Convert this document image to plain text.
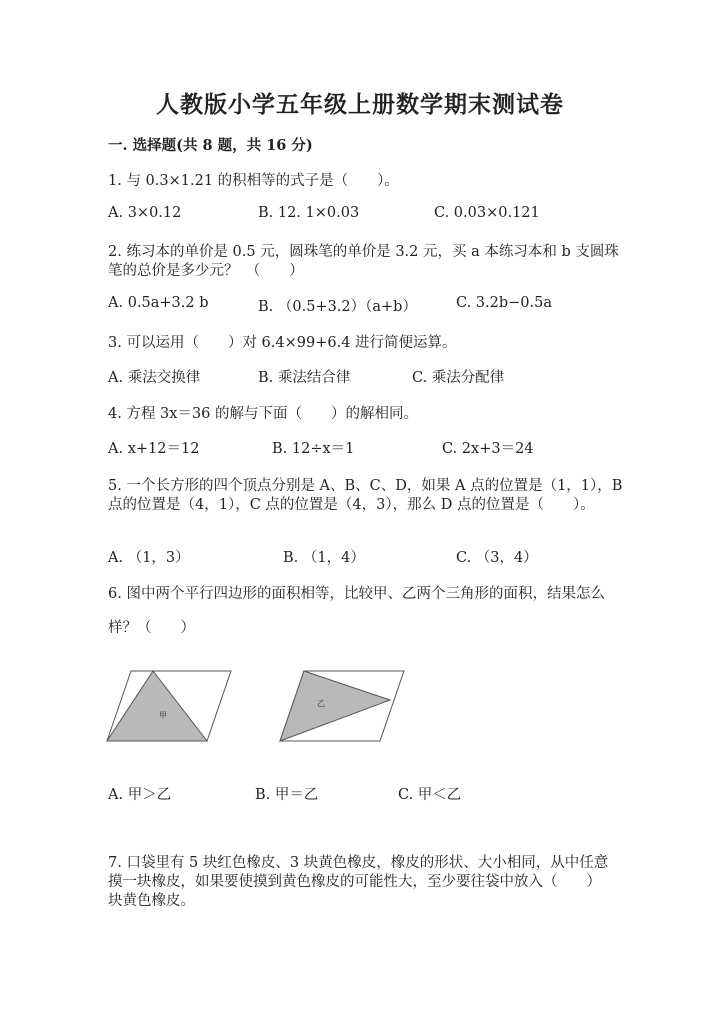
人教版小学五年级上册数学期末测试卷
一. 选择题(共 8 题，共 16 分)
1. 与 0.3×1.21 的积相等的式子是（　　）。
A. 3×0.12	B. 12. 1×0.03	C. 0.03×0.121
2. 练习本的单价是 0.5 元，圆珠笔的单价是 3.2 元，买 a 本练习本和 b 支圆珠
笔的总价是多少元？　（　　）
A. 0.5a+3.2 b	B. （0.5+3.2）（a+b）	C. 3.2b−0.5a
3. 可以运用（　　）对 6.4×99+6.4 进行简便运算。
A. 乘法交换律	B. 乘法结合律	C. 乘法分配律
4. 方程 3x＝36 的解与下面（　　）的解相同。
A. x+12＝12	B. 12÷x＝1	C. 2x+3＝24
5. 一个长方形的四个顶点分别是 A、B、C、D，如果 A 点的位置是（1，1），B
点的位置是（4，1），C 点的位置是（4，3），那么 D 点的位置是（　　）。
A. （1，3）	B. （1，4）	C. （3，4）
6. 图中两个平行四边形的面积相等，比较甲、乙两个三角形的面积，结果怎么
样？（　　）
甲
乙
A. 甲＞乙	B. 甲＝乙	C. 甲＜乙
7. 口袋里有 5 块红色橡皮、3 块黄色橡皮，橡皮的形状、大小相同，从中任意
摸一块橡皮，如果要使摸到黄色橡皮的可能性大，至少要往袋中放入（　　）
块黄色橡皮。
